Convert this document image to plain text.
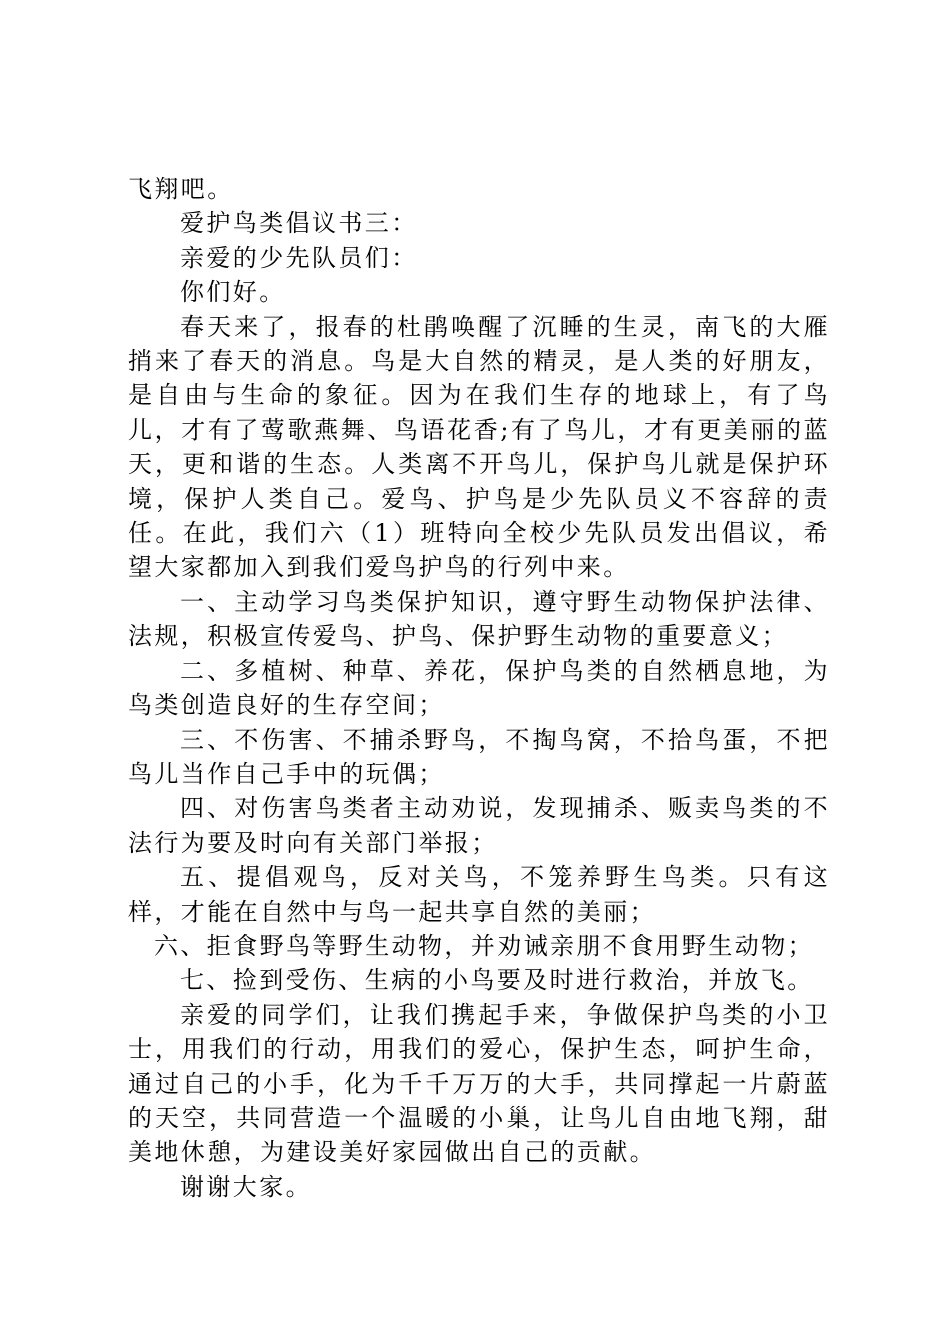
飞翔吧。

爱护鸟类倡议书三：

亲爱的少先队员们：

你们好。

春天来了，报春的杜鹃唤醒了沉睡的生灵，南飞的大雁捎来了春天的消息。鸟是大自然的精灵，是人类的好朋友，是自由与生命的象征。因为在我们生存的地球上，有了鸟儿，才有了莺歌燕舞、鸟语花香;有了鸟儿，才有更美丽的蓝天，更和谐的生态。人类离不开鸟儿，保护鸟儿就是保护环境，保护人类自己。爱鸟、护鸟是少先队员义不容辞的责任。在此，我们六（1）班特向全校少先队员发出倡议，希望大家都加入到我们爱鸟护鸟的行列中来。

一、主动学习鸟类保护知识，遵守野生动物保护法律、法规，积极宣传爱鸟、护鸟、保护野生动物的重要意义；

二、多植树、种草、养花，保护鸟类的自然栖息地，为鸟类创造良好的生存空间；

三、不伤害、不捕杀野鸟，不掏鸟窝，不拾鸟蛋，不把鸟儿当作自己手中的玩偶；

四、对伤害鸟类者主动劝说，发现捕杀、贩卖鸟类的不法行为要及时向有关部门举报；

五、提倡观鸟，反对关鸟，不笼养野生鸟类。只有这样，才能在自然中与鸟一起共享自然的美丽；

六、拒食野鸟等野生动物，并劝诫亲朋不食用野生动物；

七、捡到受伤、生病的小鸟要及时进行救治，并放飞。

亲爱的同学们，让我们携起手来，争做保护鸟类的小卫士，用我们的行动，用我们的爱心，保护生态，呵护生命，通过自己的小手，化为千千万万的大手，共同撑起一片蔚蓝的天空，共同营造一个温暖的小巢，让鸟儿自由地飞翔，甜美地休憩，为建设美好家园做出自己的贡献。

谢谢大家。
